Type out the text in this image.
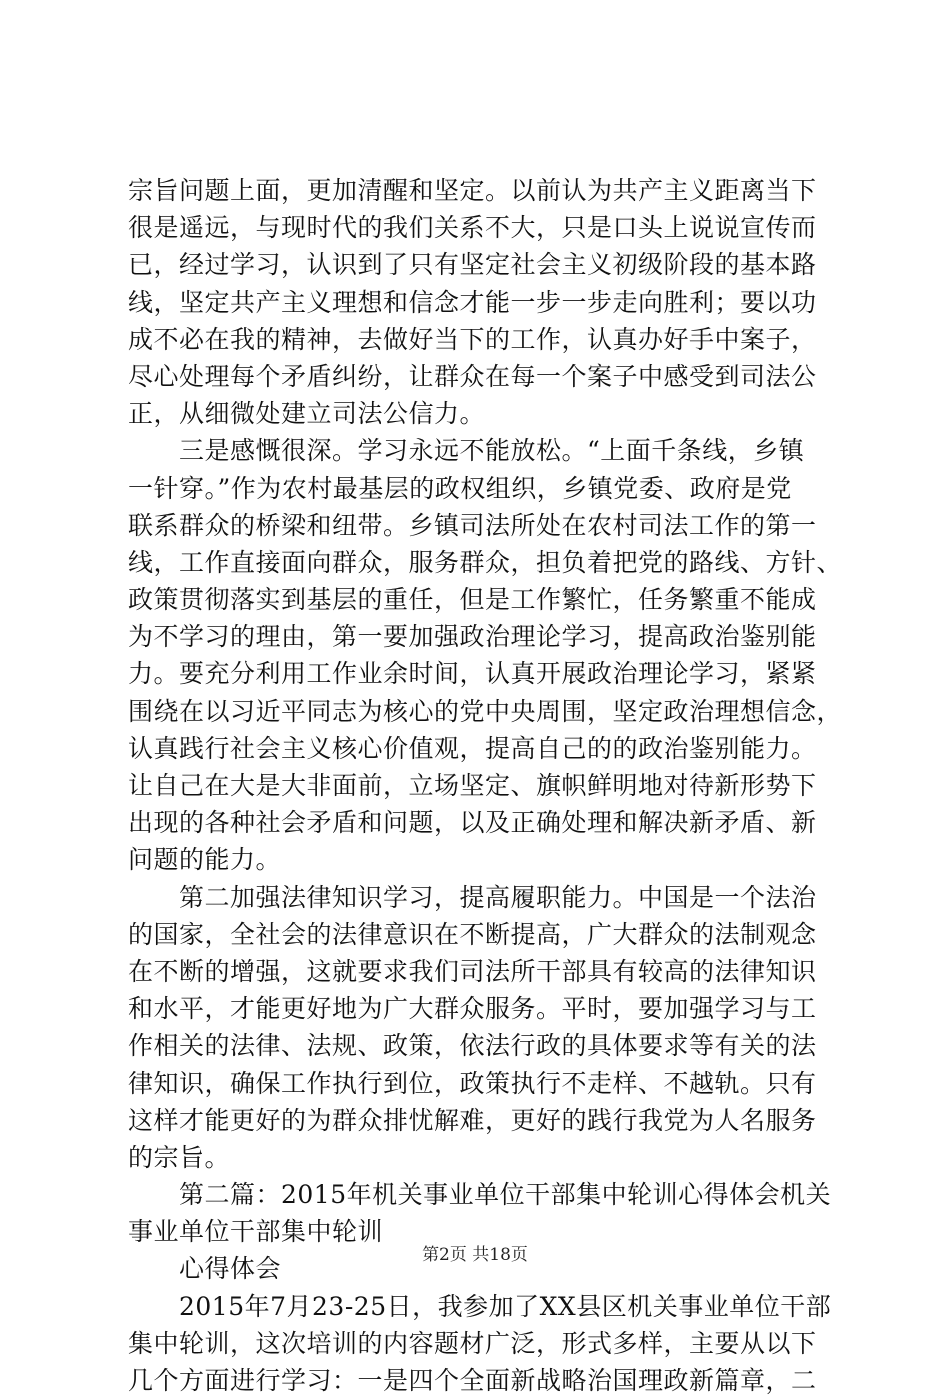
宗旨问题上面，更加清醒和坚定。以前认为共产主义距离当下
很是遥远，与现时代的我们关系不大，只是口头上说说宣传而
已，经过学习，认识到了只有坚定社会主义初级阶段的基本路
线，坚定共产主义理想和信念才能一步一步走向胜利；要以功
成不必在我的精神，去做好当下的工作，认真办好手中案子，
尽心处理每个矛盾纠纷，让群众在每一个案子中感受到司法公
正，从细微处建立司法公信力。
　　三是感慨很深。学习永远不能放松。“上面千条线，乡镇
一针穿。”作为农村最基层的政权组织，乡镇党委、政府是党
联系群众的桥梁和纽带。乡镇司法所处在农村司法工作的第一
线，工作直接面向群众，服务群众，担负着把党的路线、方针、
政策贯彻落实到基层的重任，但是工作繁忙，任务繁重不能成
为不学习的理由，第一要加强政治理论学习，提高政治鉴别能
力。要充分利用工作业余时间，认真开展政治理论学习，紧紧
围绕在以习近平同志为核心的党中央周围，坚定政治理想信念，
认真践行社会主义核心价值观，提高自己的的政治鉴别能力。
让自己在大是大非面前，立场坚定、旗帜鲜明地对待新形势下
出现的各种社会矛盾和问题，以及正确处理和解决新矛盾、新
问题的能力。
　　第二加强法律知识学习，提高履职能力。中国是一个法治
的国家，全社会的法律意识在不断提高，广大群众的法制观念
在不断的增强，这就要求我们司法所干部具有较高的法律知识
和水平，才能更好地为广大群众服务。平时，要加强学习与工
作相关的法律、法规、政策，依法行政的具体要求等有关的法
律知识，确保工作执行到位，政策执行不走样、不越轨。只有
这样才能更好的为群众排忧解难，更好的践行我党为人名服务
的宗旨。
　　第二篇：2015年机关事业单位干部集中轮训心得体会机关
事业单位干部集中轮训
　　心得体会
　　2015年7月23-25日，我参加了XX县区机关事业单位干部
集中轮训，这次培训的内容题材广泛，形式多样，主要从以下
几个方面进行学习：一是四个全面新战略治国理政新篇章，二
第2页 共18页
